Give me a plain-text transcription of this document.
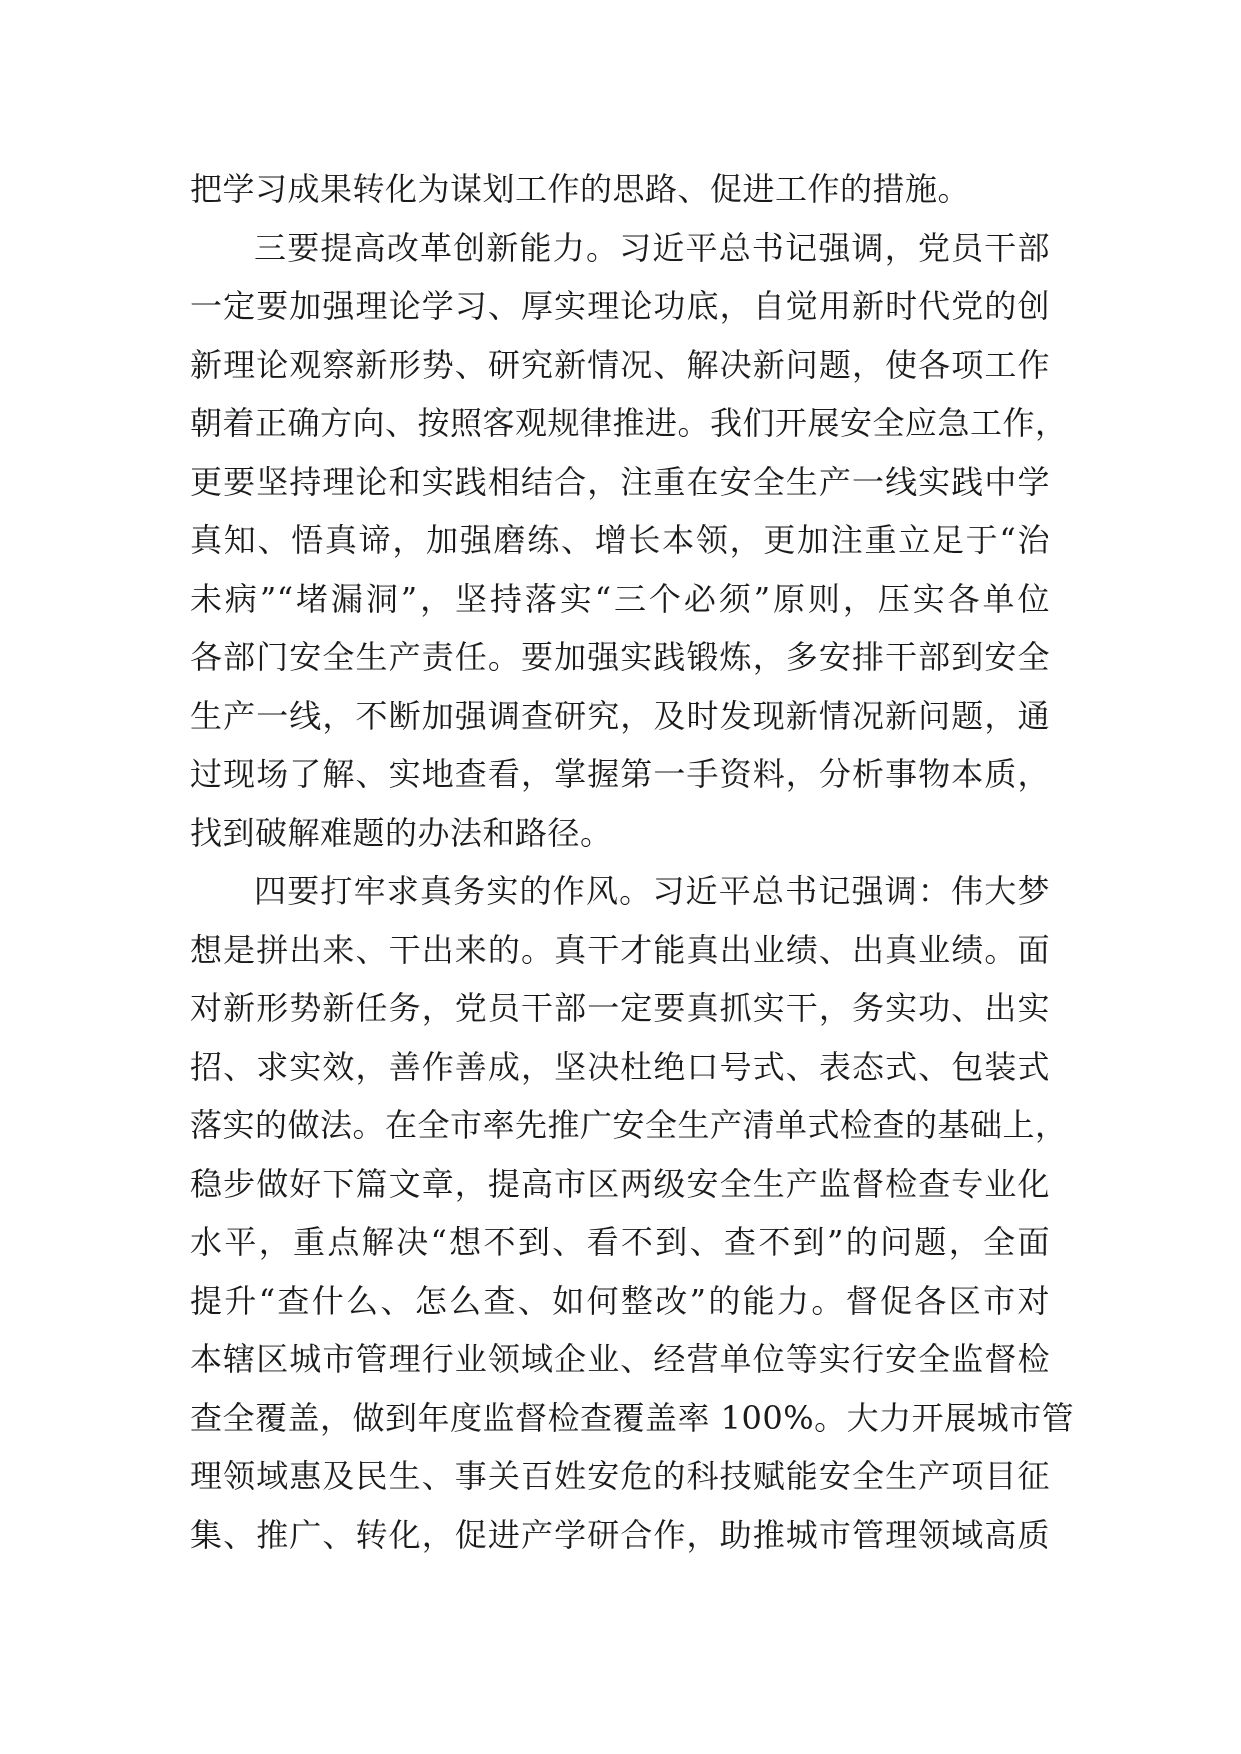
把学习成果转化为谋划工作的思路、促进工作的措施。
三要提高改革创新能力。习近平总书记强调，党员干部
一定要加强理论学习、厚实理论功底，自觉用新时代党的创
新理论观察新形势、研究新情况、解决新问题，使各项工作
朝着正确方向、按照客观规律推进。我们开展安全应急工作，
更要坚持理论和实践相结合，注重在安全生产一线实践中学
真知、悟真谛，加强磨练、增长本领，更加注重立足于“治
未病”“堵漏洞”，坚持落实“三个必须”原则，压实各单位
各部门安全生产责任。要加强实践锻炼，多安排干部到安全
生产一线，不断加强调查研究，及时发现新情况新问题，通
过现场了解、实地查看，掌握第一手资料，分析事物本质，
找到破解难题的办法和路径。
四要打牢求真务实的作风。习近平总书记强调：伟大梦
想是拼出来、干出来的。真干才能真出业绩、出真业绩。面
对新形势新任务，党员干部一定要真抓实干，务实功、出实
招、求实效，善作善成，坚决杜绝口号式、表态式、包装式
落实的做法。在全市率先推广安全生产清单式检查的基础上，
稳步做好下篇文章，提高市区两级安全生产监督检查专业化
水平，重点解决“想不到、看不到、查不到”的问题，全面
提升“查什么、怎么查、如何整改”的能力。督促各区市对
本辖区城市管理行业领域企业、经营单位等实行安全监督检
查全覆盖，做到年度监督检查覆盖率 100%。大力开展城市管
理领域惠及民生、事关百姓安危的科技赋能安全生产项目征
集、推广、转化，促进产学研合作，助推城市管理领域高质
